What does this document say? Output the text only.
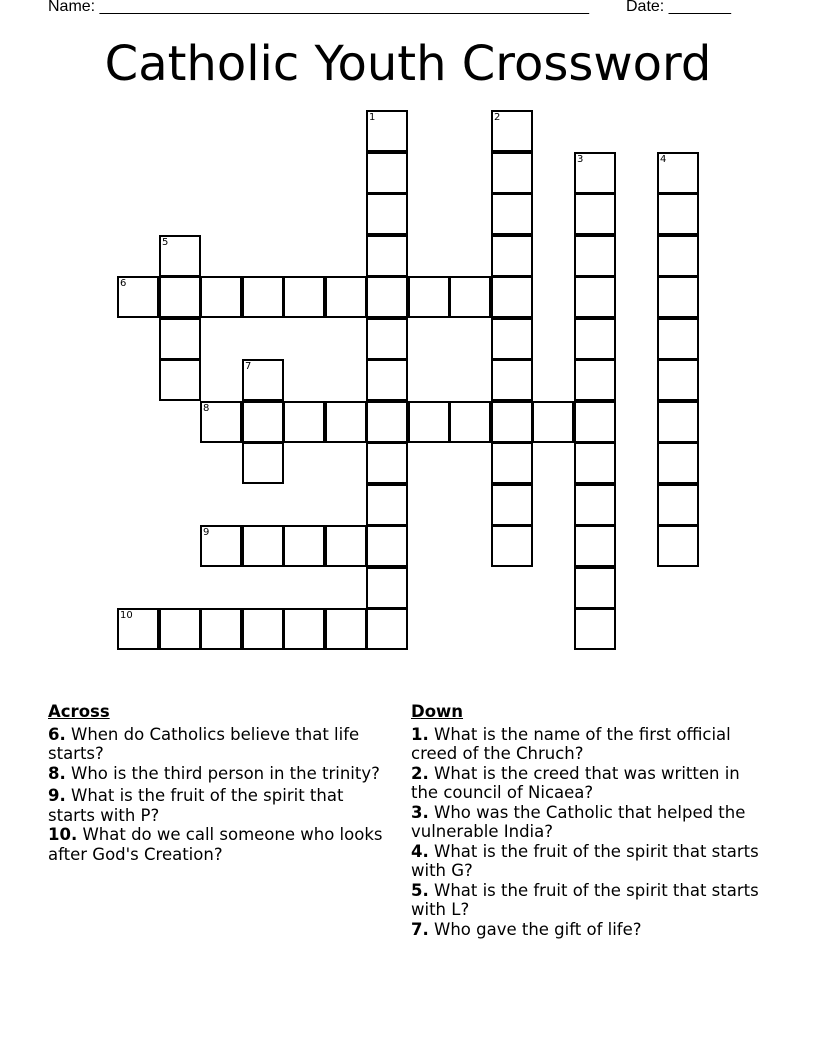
Name: _______________________________________________________ Date: _______
Catholic Youth Crossword
1	2
3	4
5
6
7
8
9
10
Across
6. When do Catholics believe that life starts?
8. Who is the third person in the trinity?
9. What is the fruit of the spirit that starts with P?
10. What do we call someone who looks after God's Creation?
Down
1. What is the name of the first official creed of the Chruch?
2. What is the creed that was written in the council of Nicaea?
3. Who was the Catholic that helped the vulnerable India?
4. What is the fruit of the spirit that starts with G?
5. What is the fruit of the spirit that starts with L?
7. Who gave the gift of life?
